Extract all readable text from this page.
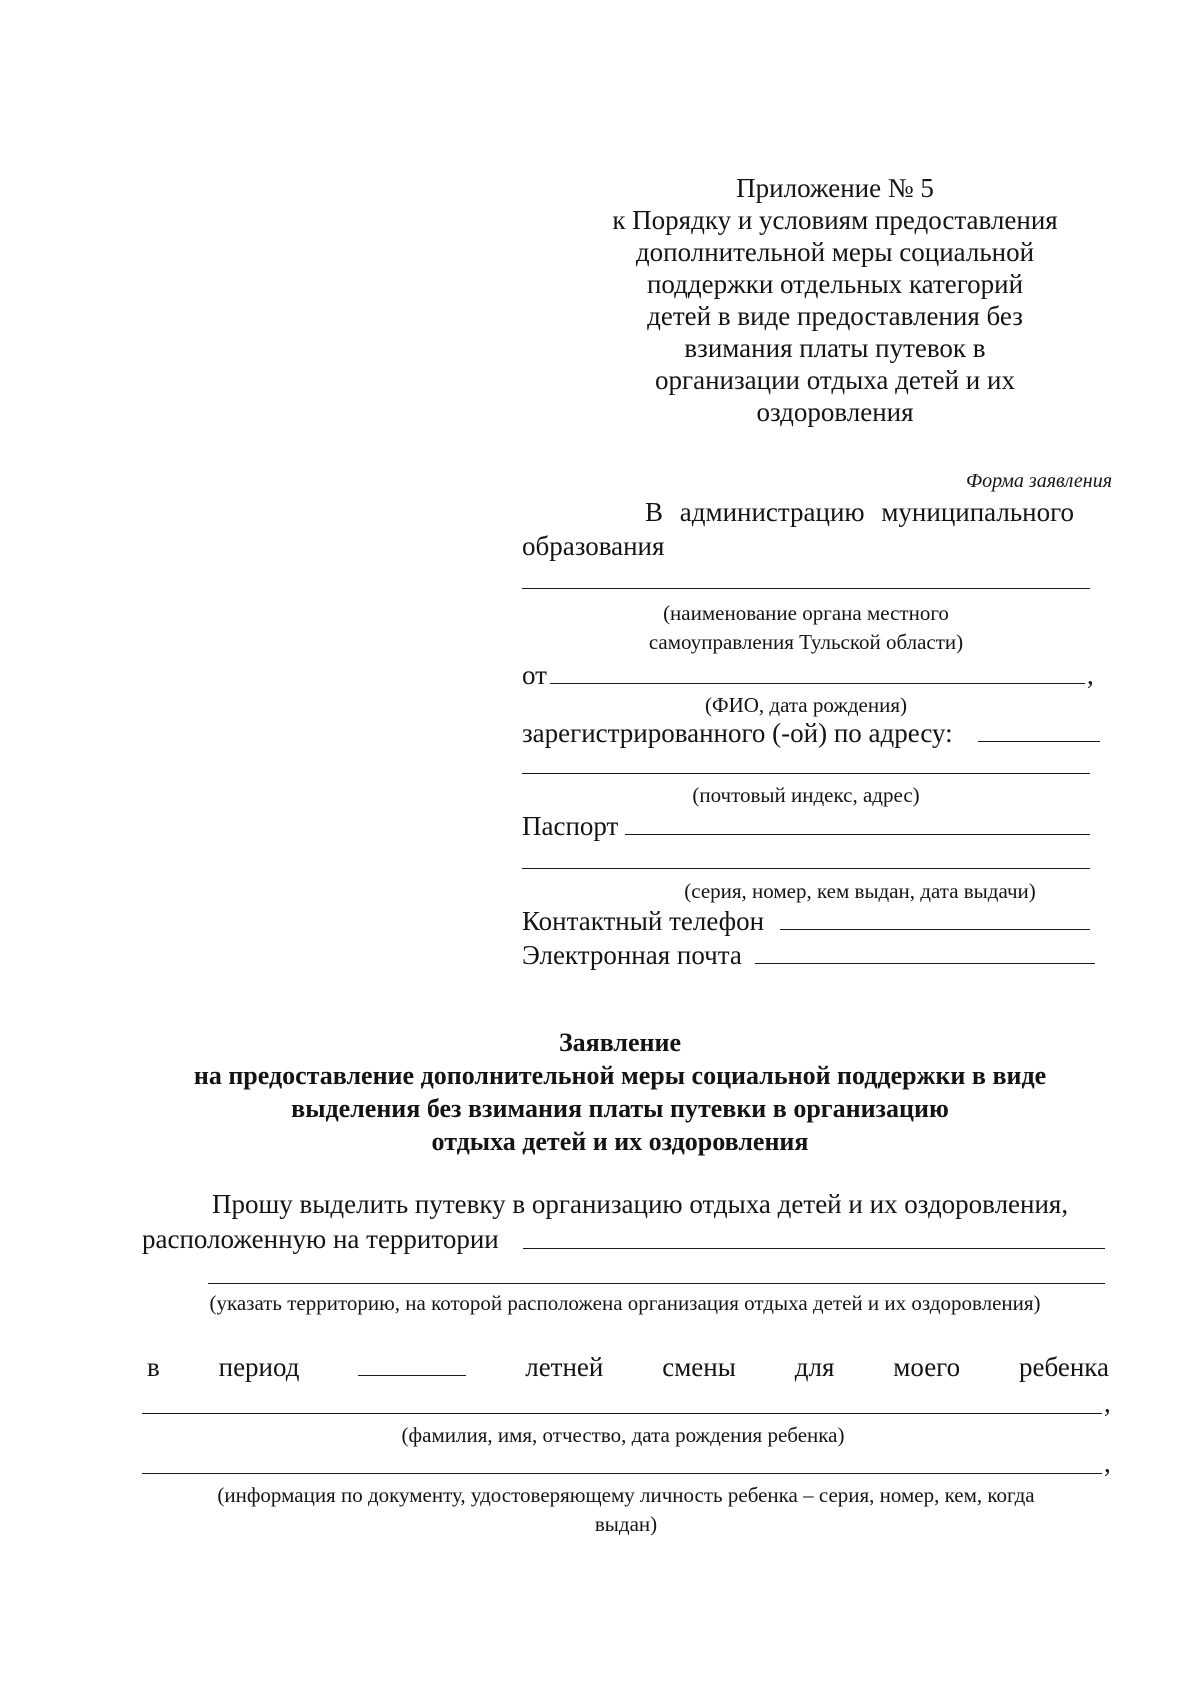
Приложение № 5
к Порядку и условиям предоставления
дополнительной меры социальной
поддержки отдельных категорий
детей в виде предоставления без
взимания платы путевок в
организации отдыха детей и их
оздоровления
Форма заявления
В администрацию муниципального
образования
(наименование органа местного
самоуправления Тульской области)
от	,
(ФИО, дата рождения)
зарегистрированного (-ой) по адресу:
(почтовый индекс, адрес)
Паспорт
(серия, номер, кем выдан, дата выдачи)
Контактный телефон
Электронная почта
Заявление
на предоставление дополнительной меры социальной поддержки в виде
выделения без взимания платы путевки в организацию
отдыха детей и их оздоровления
Прошу выделить путевку в организацию отдыха детей и их оздоровления,
расположенную на территории
(указать территорию, на которой расположена организация отдыха детей и их оздоровления)
в период	летней смены для моего ребенка
,
(фамилия, имя, отчество, дата рождения ребенка)
,
(информация по документу, удостоверяющему личность ребенка – серия, номер, кем, когда
выдан)
